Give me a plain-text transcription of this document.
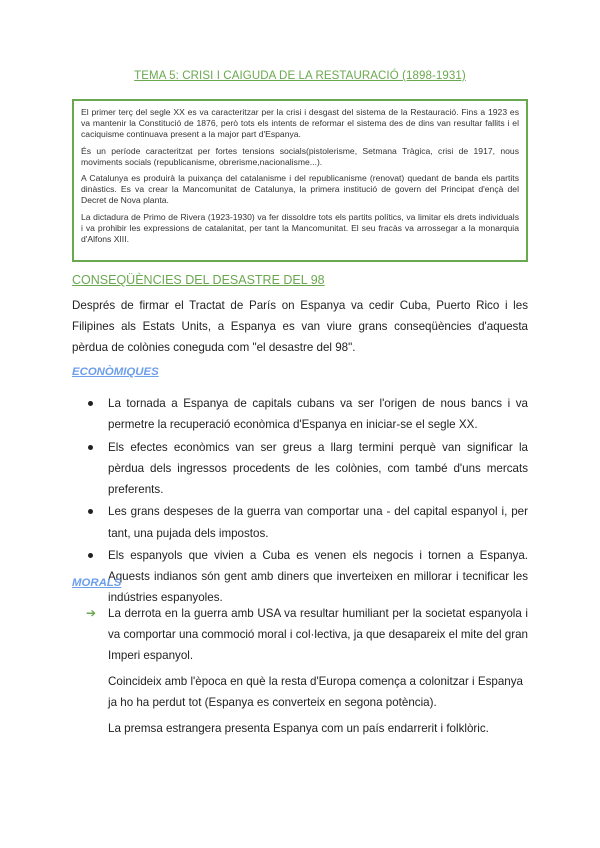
TEMA 5: CRISI I CAIGUDA DE LA RESTAURACIÓ (1898-1931)

El primer terç del segle XX es va caracteritzar per la crisi i desgast del sistema de la Restauració. Fins a 1923 es va mantenir la Constitució de 1876, però tots els intents de reformar el sistema des de dins van resultar fallits i el caciquisme continuava present a la major part d'Espanya.

És un període caracteritzat per fortes tensions socials(pistolerisme, Setmana Tràgica, crisi de 1917, nous moviments socials (republicanisme, obrerisme,nacionalisme...).

A Catalunya es produirà la puixança del catalanisme i del republicanisme (renovat) quedant de banda els partits dinàstics. Es va crear la Mancomunitat de Catalunya, la primera institució de govern del Principat d'ençà del Decret de Nova planta.

La dictadura de Primo de Rivera (1923-1930) va fer dissoldre tots els partits polítics, va limitar els drets individuals i va prohibir les expressions de catalanitat, per tant la Mancomunitat. El seu fracàs va arrossegar a la monarquia d'Alfons XIII.

CONSEQÜÈNCIES DEL DESASTRE DEL 98

Després de firmar el Tractat de París on Espanya va cedir Cuba, Puerto Rico i les Filipines als Estats Units, a Espanya es van viure grans conseqüències d'aquesta pèrdua de colònies coneguda com "el desastre del 98".

ECONÒMIQUES
La tornada a Espanya de capitals cubans va ser l'origen de nous bancs i va permetre la recuperació econòmica d'Espanya en iniciar-se el segle XX.
Els efectes econòmics van ser greus a llarg termini perquè van significar la pèrdua dels ingressos procedents de les colònies, com també d'uns mercats preferents.
Les grans despeses de la guerra van comportar una - del capital espanyol i, per tant, una pujada dels impostos.
Els espanyols que vivien a Cuba es venen els negocis i tornen a Espanya. Aquests indianos són gent amb diners que inverteixen en millorar i tecnificar les indústries espanyoles.
MORALS
➔ La derrota en la guerra amb USA va resultar humiliant per la societat espanyola i va comportar una commoció moral i col·lectiva, ja que desapareix el mite del gran Imperi espanyol.

Coincideix amb l'època en què la resta d'Europa comença a colonitzar i Espanya ja ho ha perdut tot (Espanya es converteix en segona potència).

La premsa estrangera presenta Espanya com un país endarrerit i folklòric.
